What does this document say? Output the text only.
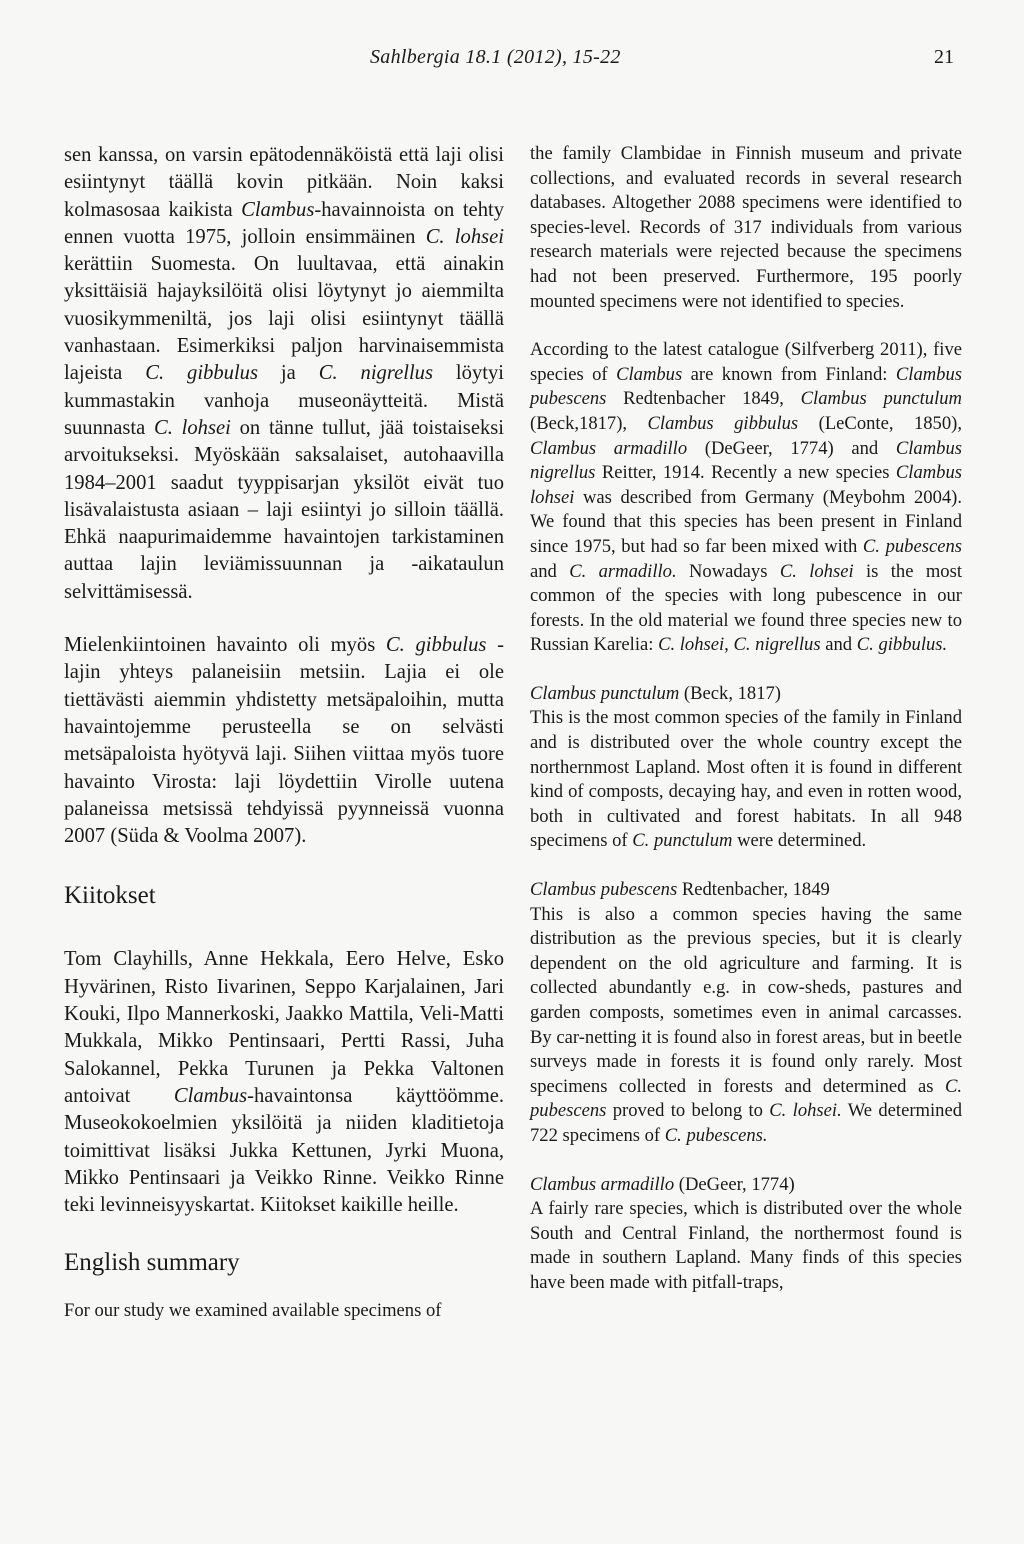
Sahlbergia 18.1 (2012), 15-22	21

sen kanssa, on varsin epätodennäköistä että laji olisi esiintynyt täällä kovin pitkään. Noin kaksi kolmasosaa kaikista Clambus-havainnoista on tehty ennen vuotta 1975, jolloin ensimmäinen C. lohsei kerättiin Suomesta. On luultavaa, että ainakin yksittäisiä hajayksilöitä olisi löytynyt jo aiemmilta vuosikymmeniltä, jos laji olisi esiintynyt täällä vanhastaan. Esimerkiksi paljon harvinaisemmista lajeista C. gibbulus ja C. nigrellus löytyi kummastakin vanhoja museonäytteitä. Mistä suunnasta C. lohsei on tänne tullut, jää toistaiseksi arvoitukseksi. Myöskään saksalaiset, autohaavilla 1984–2001 saadut tyyppisarjan yksilöt eivät tuo lisävalaistusta asiaan – laji esiintyi jo silloin täällä. Ehkä naapurimaidemme havaintojen tarkistaminen auttaa lajin leviämissuunnan ja -aikataulun selvittämisessä.

Mielenkiintoinen havainto oli myös C. gibbulus -lajin yhteys palaneisiin metsiin. Lajia ei ole tiettävästi aiemmin yhdistetty metsäpaloihin, mutta havaintojemme perusteella se on selvästi metsäpaloista hyötyvä laji. Siihen viittaa myös tuore havainto Virosta: laji löydettiin Virolle uutena palaneissa metsissä tehdyissä pyynneissä vuonna 2007 (Süda & Voolma 2007).

Kiitokset

Tom Clayhills, Anne Hekkala, Eero Helve, Esko Hyvärinen, Risto Iivarinen, Seppo Karjalainen, Jari Kouki, Ilpo Mannerkoski, Jaakko Mattila, Veli-Matti Mukkala, Mikko Pentinsaari, Pertti Rassi, Juha Salokannel, Pekka Turunen ja Pekka Valtonen antoivat Clambus-havaintonsa käyttöömme. Museokokoelmien yksilöitä ja niiden kladitietoja toimittivat lisäksi Jukka Kettunen, Jyrki Muona, Mikko Pentinsaari ja Veikko Rinne. Veikko Rinne teki levinneisyyskartat. Kiitokset kaikille heille.

English summary

For our study we examined available specimens of

the family Clambidae in Finnish museum and private collections, and evaluated records in several research databases. Altogether 2088 specimens were identified to species-level. Records of 317 individuals from various research materials were rejected because the specimens had not been preserved. Furthermore, 195 poorly mounted specimens were not identified to species.

According to the latest catalogue (Silfverberg 2011), five species of Clambus are known from Finland: Clambus pubescens Redtenbacher 1849, Clambus punctulum (Beck,1817), Clambus gibbulus (LeConte, 1850), Clambus armadillo (DeGeer, 1774) and Clambus nigrellus Reitter, 1914. Recently a new species Clambus lohsei was described from Germany (Meybohm 2004). We found that this species has been present in Finland since 1975, but had so far been mixed with C. pubescens and C. armadillo. Nowadays C. lohsei is the most common of the species with long pubescence in our forests. In the old material we found three species new to Russian Karelia: C. lohsei, C. nigrellus and C. gibbulus.

Clambus punctulum (Beck, 1817)

This is the most common species of the family in Finland and is distributed over the whole country except the northernmost Lapland. Most often it is found in different kind of composts, decaying hay, and even in rotten wood, both in cultivated and forest habitats. In all 948 specimens of C. punctulum were determined.

Clambus pubescens Redtenbacher, 1849

This is also a common species having the same distribution as the previous species, but it is clearly dependent on the old agriculture and farming. It is collected abundantly e.g. in cow-sheds, pastures and garden composts, sometimes even in animal carcasses. By car-netting it is found also in forest areas, but in beetle surveys made in forests it is found only rarely. Most specimens collected in forests and determined as C. pubescens proved to belong to C. lohsei. We determined 722 specimens of C. pubescens.

Clambus armadillo (DeGeer, 1774)

A fairly rare species, which is distributed over the whole South and Central Finland, the northermost found is made in southern Lapland. Many finds of this species have been made with pitfall-traps,
